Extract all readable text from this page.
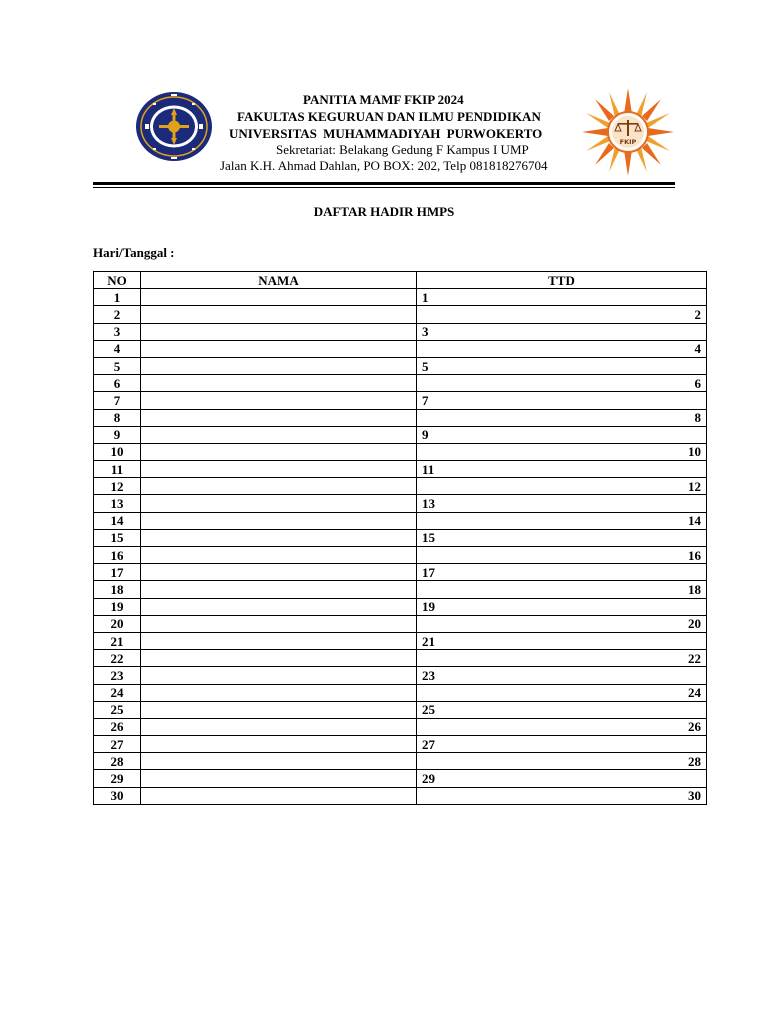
FKIP
PANITIA MAMF FKIP 2024
FAKULTAS KEGURUAN DAN ILMU PENDIDIKAN
UNIVERSITAS MUHAMMADIYAH PURWOKERTO
Sekretariat: Belakang Gedung F Kampus I UMP
Jalan K.H. Ahmad Dahlan, PO BOX: 202, Telp 081818276704
DAFTAR HADIR HMPS
Hari/Tanggal :
NO	NAMA	TTD
1		1
2		2
3		3
4		4
5		5
6		6
7		7
8		8
9		9
10		10
11		11
12		12
13		13
14		14
15		15
16		16
17		17
18		18
19		19
20		20
21		21
22		22
23		23
24		24
25		25
26		26
27		27
28		28
29		29
30		30
